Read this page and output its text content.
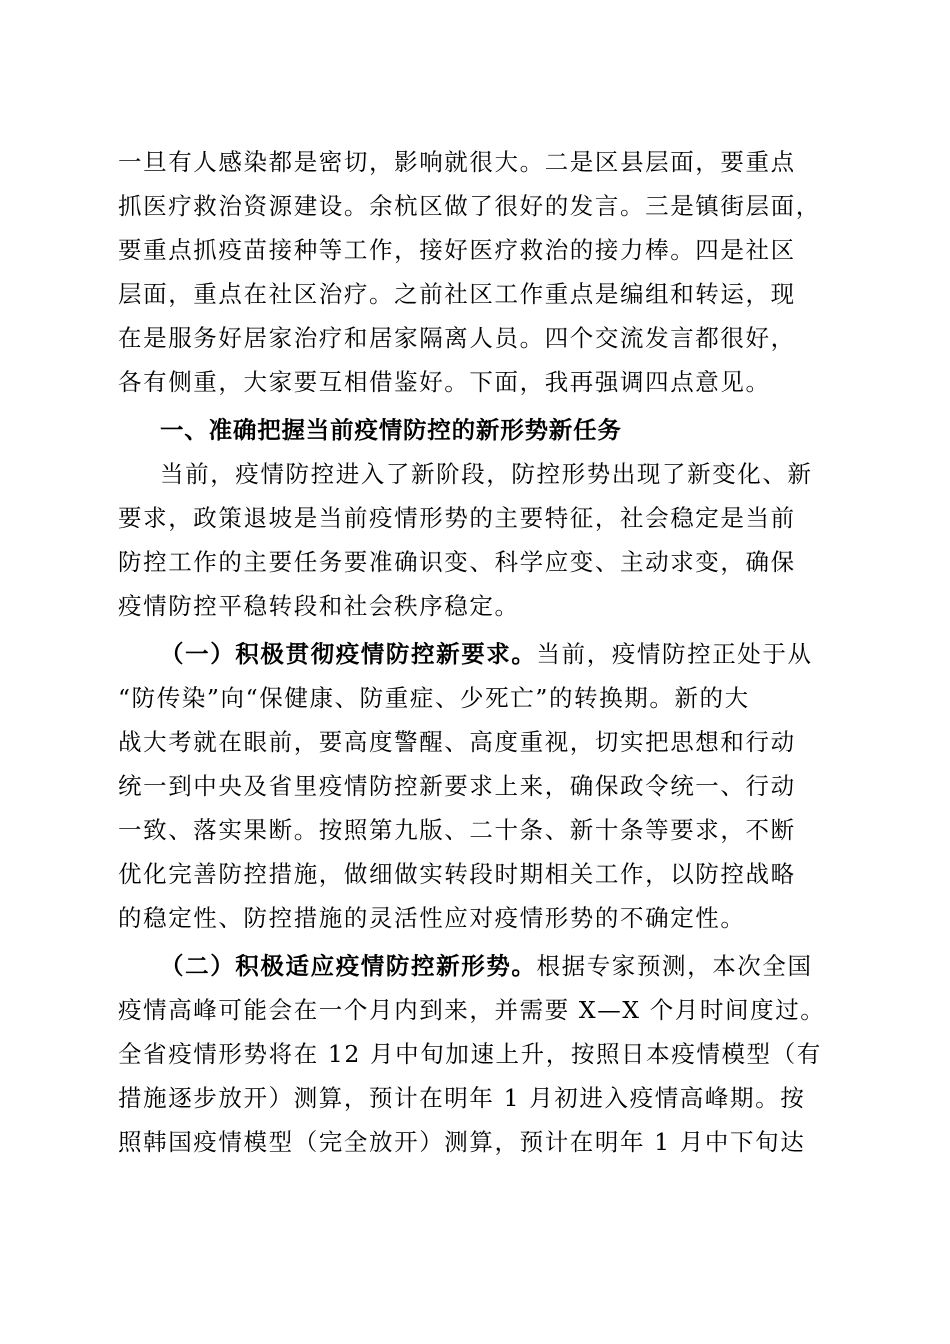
一旦有人感染都是密切，影响就很大。二是区县层面，要重点
抓医疗救治资源建设。余杭区做了很好的发言。三是镇街层面，
要重点抓疫苗接种等工作，接好医疗救治的接力棒。四是社区
层面，重点在社区治疗。之前社区工作重点是编组和转运，现
在是服务好居家治疗和居家隔离人员。四个交流发言都很好，
各有侧重，大家要互相借鉴好。下面，我再强调四点意见。
一、准确把握当前疫情防控的新形势新任务
当前，疫情防控进入了新阶段，防控形势出现了新变化、新
要求，政策退坡是当前疫情形势的主要特征，社会稳定是当前
防控工作的主要任务要准确识变、科学应变、主动求变，确保
疫情防控平稳转段和社会秩序稳定。
（一）积极贯彻疫情防控新要求。当前，疫情防控正处于从
“防传染”向“保健康、防重症、少死亡”的转换期。新的大
战大考就在眼前，要高度警醒、高度重视，切实把思想和行动
统一到中央及省里疫情防控新要求上来，确保政令统一、行动
一致、落实果断。按照第九版、二十条、新十条等要求，不断
优化完善防控措施，做细做实转段时期相关工作，以防控战略
的稳定性、防控措施的灵活性应对疫情形势的不确定性。
（二）积极适应疫情防控新形势。根据专家预测，本次全国
疫情高峰可能会在一个月内到来，并需要 X—X 个月时间度过。
全省疫情形势将在 12 月中旬加速上升，按照日本疫情模型（有
措施逐步放开）测算，预计在明年 1 月初进入疫情高峰期。按
照韩国疫情模型（完全放开）测算，预计在明年 1 月中下旬达
